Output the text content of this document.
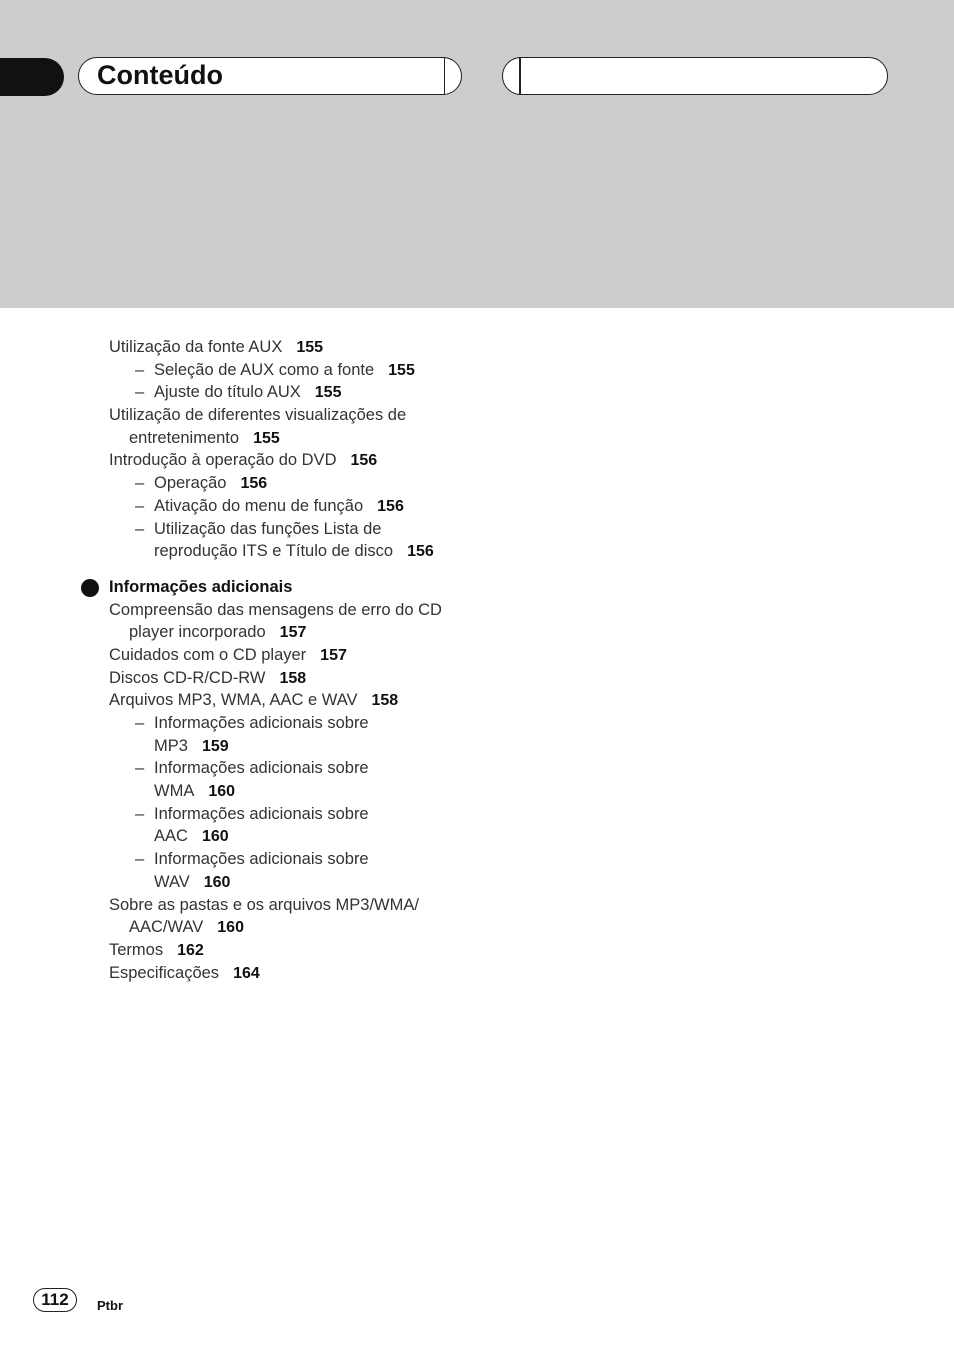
Conteúdo
Utilização da fonte AUX 155
– Seleção de AUX como a fonte 155
– Ajuste do título AUX 155
Utilização de diferentes visualizações de
entretenimento 155
Introdução à operação do DVD 156
– Operação 156
– Ativação do menu de função 156
– Utilização das funções Lista de
reprodução ITS e Título de disco 156
Informações adicionais
Compreensão das mensagens de erro do CD
player incorporado 157
Cuidados com o CD player 157
Discos CD-R/CD-RW 158
Arquivos MP3, WMA, AAC e WAV 158
– Informações adicionais sobre
MP3 159
– Informações adicionais sobre
WMA 160
– Informações adicionais sobre
AAC 160
– Informações adicionais sobre
WAV 160
Sobre as pastas e os arquivos MP3/WMA/
AAC/WAV 160
Termos 162
Especificações 164
112	Ptbr
